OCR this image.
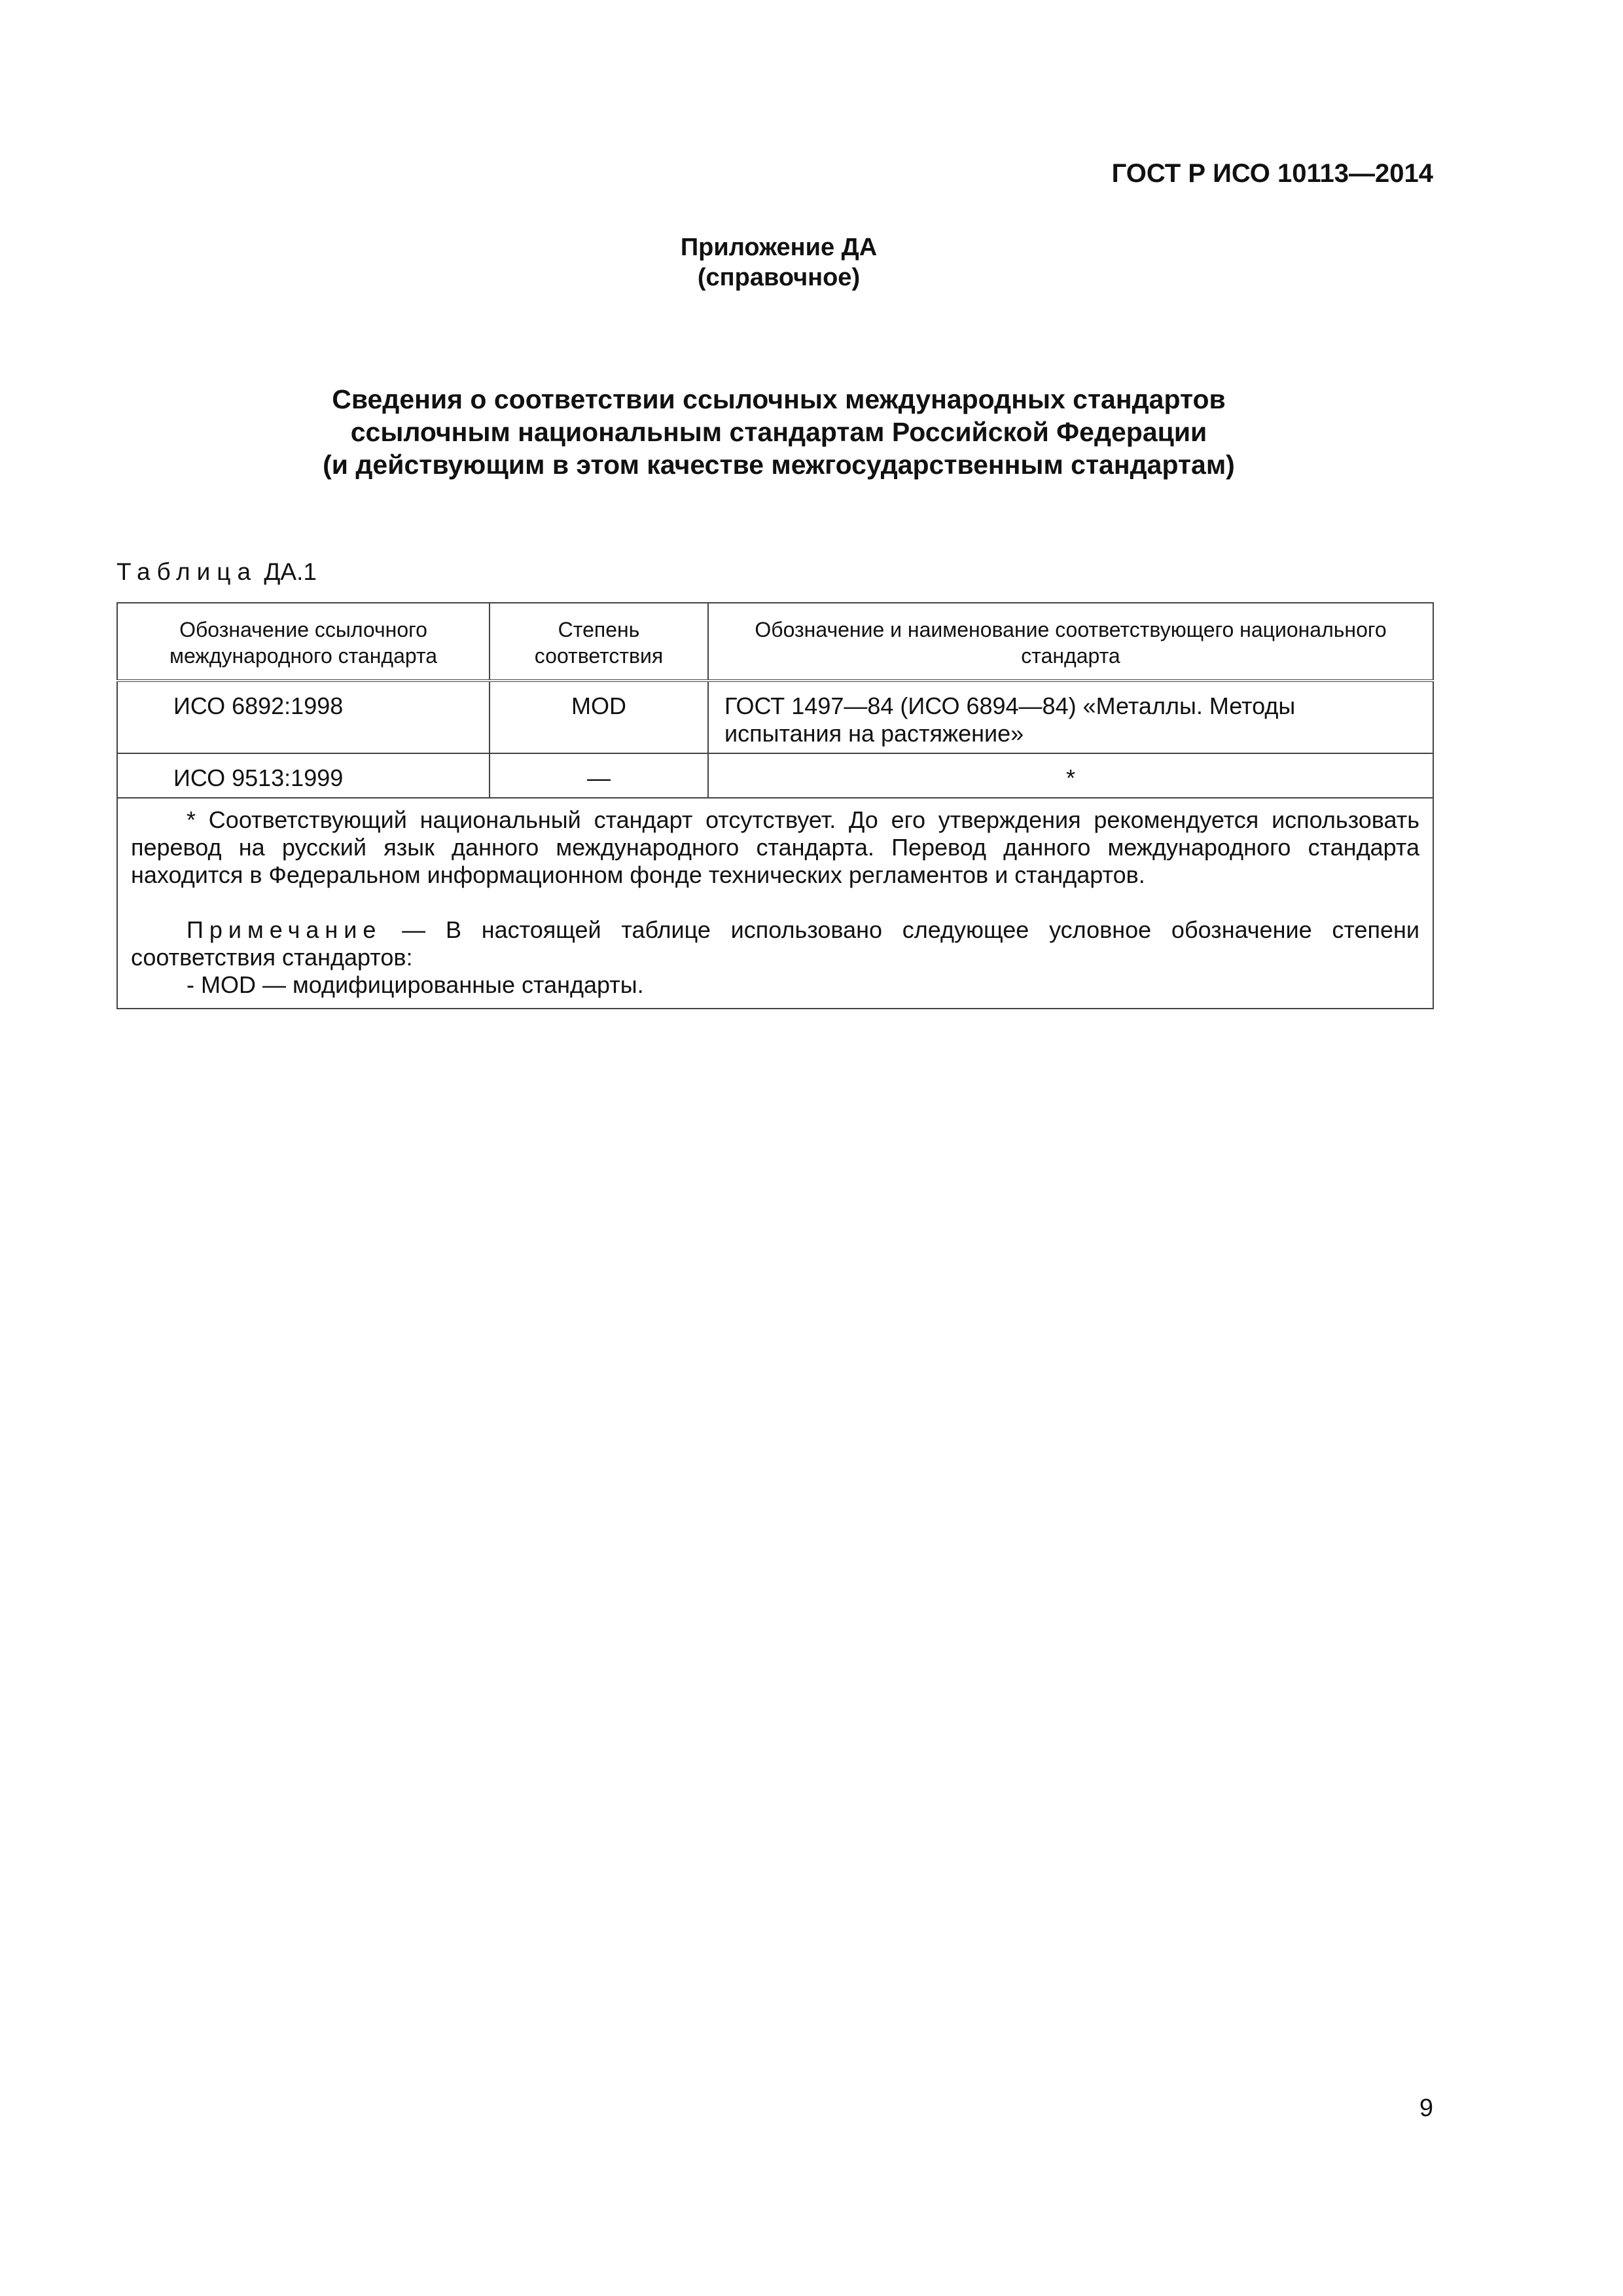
ГОСТ Р ИСО 10113—2014
Приложение ДА
(справочное)
Сведения о соответствии ссылочных международных стандартов
ссылочным национальным стандартам Российской Федерации
(и действующим в этом качестве межгосударственным стандартам)
Таблица ДА.1
Обозначение ссылочного международного стандарта	Степень соответствия	Обозначение и наименование соответствующего национального стандарта
ИСО 6892:1998	MOD	ГОСТ 1497—84 (ИСО 6894—84) «Металлы. Методы испытания на растяжение»
ИСО 9513:1999	—	*

* Соответствующий национальный стандарт отсутствует. До его утверждения рекомендуется использовать перевод на русский язык данного международного стандарта. Перевод данного международного стандарта находится в Федеральном информационном фонде технических регламентов и стандартов.

Примечание — В настоящей таблице использовано следующее условное обозначение степени соответствия стандартов:

- MOD — модифицированные стандарты.		

9
